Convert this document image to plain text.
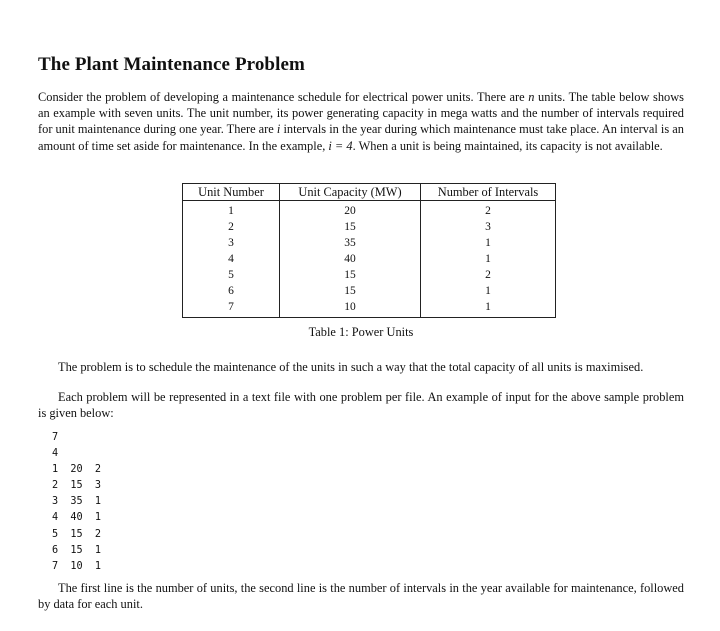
The Plant Maintenance Problem

Consider the problem of developing a maintenance schedule for electrical power units. There are n units. The table below shows an example with seven units. The unit number, its power generating capacity in mega watts and the number of intervals required for unit maintenance during one year. There are i intervals in the year during which maintenance must take place. An interval is an amount of time set aside for maintenance. In the example, i = 4. When a unit is being maintained, its capacity is not available.

Unit Number	Unit Capacity (MW)	Number of Intervals
1	20	2
2	15	3
3	35	1
4	40	1
5	15	2
6	15	1
7	10	1
Table 1: Power Units

The problem is to schedule the maintenance of the units in such a way that the total capacity of all units is maximised.

Each problem will be represented in a text file with one problem per file. An example of input for the above sample problem is given below:

7
4
1  20  2
2  15  3
3  35  1
4  40  1
5  15  2
6  15  1
7  10  1

The first line is the number of units, the second line is the number of intervals in the year available for maintenance, followed by data for each unit.
